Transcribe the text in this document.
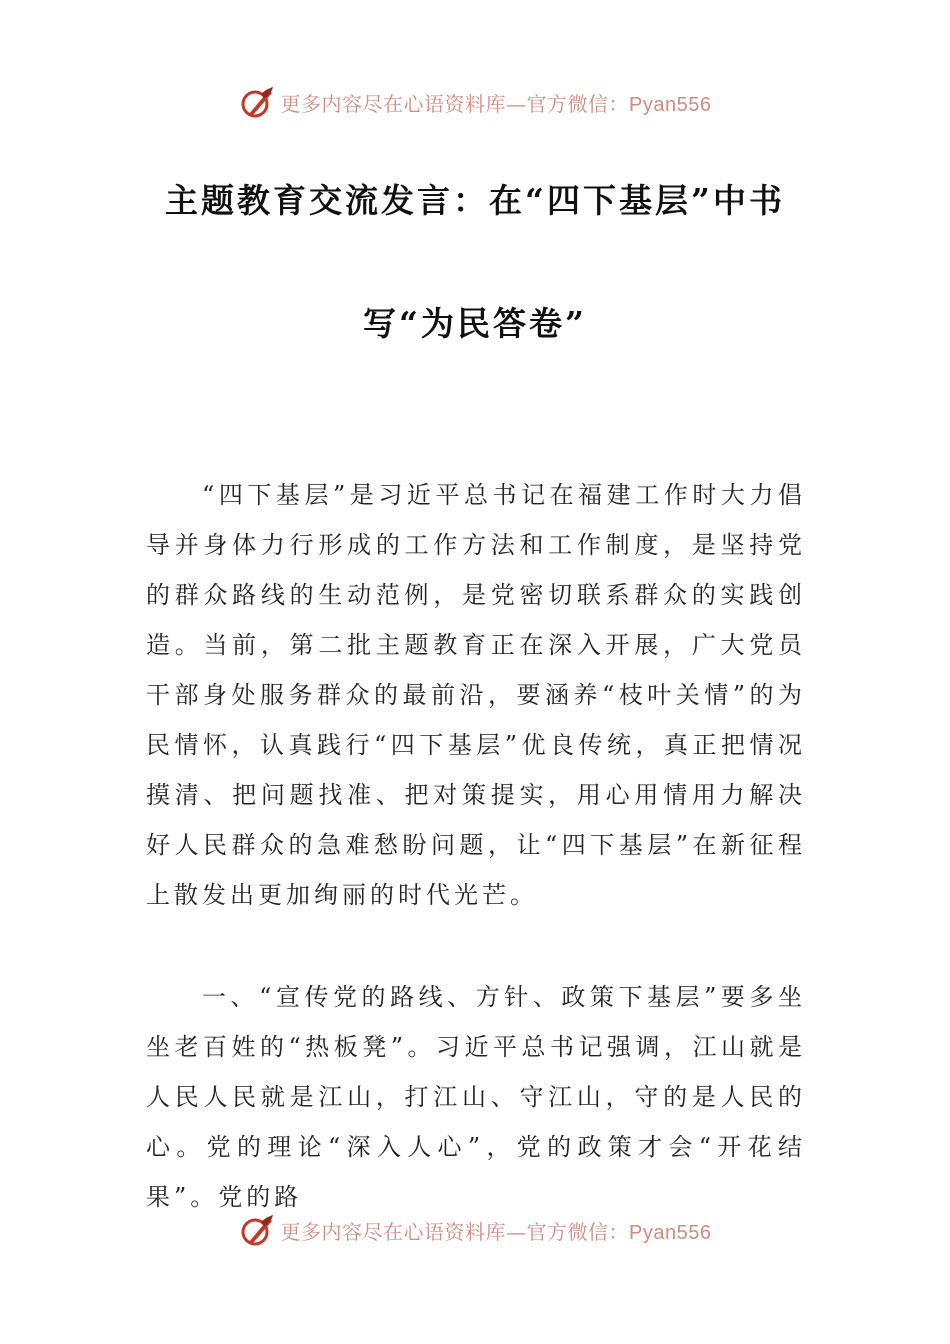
更多内容尽在心语资料库—官方微信：Pyan556
主题教育交流发言：在“四下基层”中书
写“为民答卷”

“四下基层”是习近平总书记在福建工作时大力倡导并身体力行形成的工作方法和工作制度，是坚持党的群众路线的生动范例，是党密切联系群众的实践创造。当前，第二批主题教育正在深入开展，广大党员干部身处服务群众的最前沿，要涵养“枝叶关情”的为民情怀，认真践行“四下基层”优良传统，真正把情况摸清、把问题找准、把对策提实，用心用情用力解决好人民群众的急难愁盼问题，让“四下基层”在新征程上散发出更加绚丽的时代光芒。

一、“宣传党的路线、方针、政策下基层”要多坐坐老百姓的“热板凳”。习近平总书记强调，江山就是人民人民就是江山，打江山、守江山，守的是人民的心。党的理论“深入人心”，党的政策才会“开花结果”。党的路

更多内容尽在心语资料库—官方微信：Pyan556
